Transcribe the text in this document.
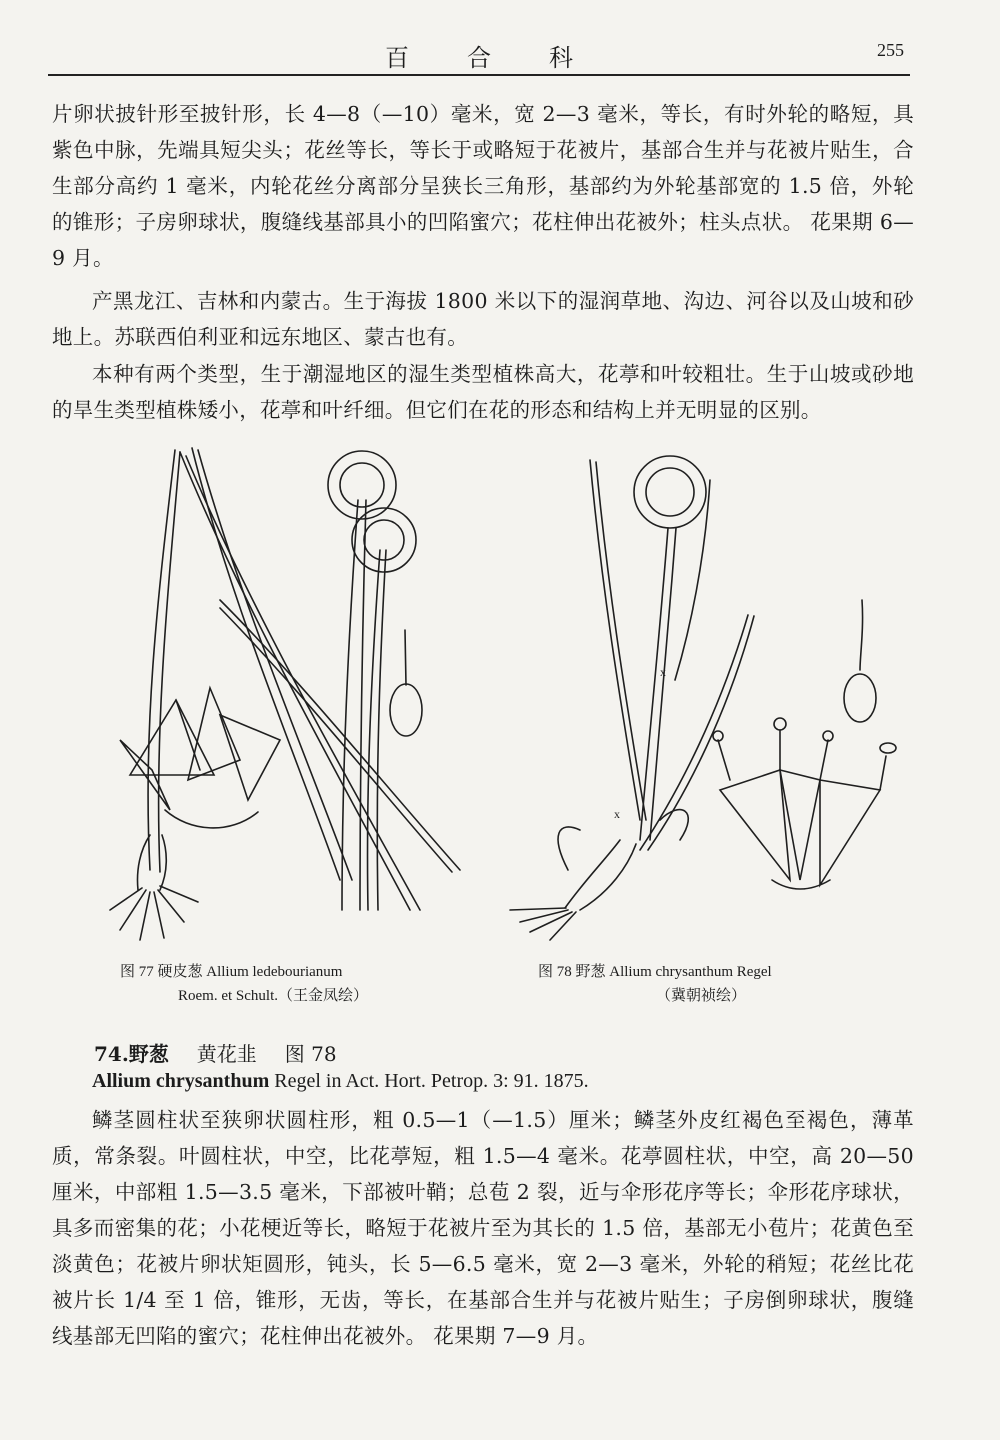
百合科	255

片卵状披针形至披针形，长 4—8（—10）毫米，宽 2—3 毫米，等长，有时外轮的略短，具紫色中脉，先端具短尖头；花丝等长，等长于或略短于花被片，基部合生并与花被片贴生，合生部分高约 1 毫米，内轮花丝分离部分呈狭长三角形，基部约为外轮基部宽的 1.5 倍，外轮的锥形；子房卵球状，腹缝线基部具小的凹陷蜜穴；花柱伸出花被外；柱头点状。 花果期 6—9 月。

产黑龙江、吉林和内蒙古。生于海拔 1800 米以下的湿润草地、沟边、河谷以及山坡和砂地上。苏联西伯利亚和远东地区、蒙古也有。

本种有两个类型，生于潮湿地区的湿生类型植株高大，花葶和叶较粗壮。生于山坡或砂地的旱生类型植株矮小，花葶和叶纤细。但它们在花的形态和结构上并无明显的区别。

x
x
图 77 硬皮葱 Allium ledebourianum
Roem. et Schult.（王金凤绘）
图 78 野葱 Allium chrysanthum Regel
（冀朝祯绘）
74.野葱 黄花韭 图 78
Allium chrysanthum Regel in Act. Hort. Petrop. 3: 91. 1875.

鳞茎圆柱状至狭卵状圆柱形，粗 0.5—1（—1.5）厘米；鳞茎外皮红褐色至褐色，薄革质，常条裂。叶圆柱状，中空，比花葶短，粗 1.5—4 毫米。花葶圆柱状，中空，高 20—50 厘米，中部粗 1.5—3.5 毫米，下部被叶鞘；总苞 2 裂，近与伞形花序等长；伞形花序球状，具多而密集的花；小花梗近等长，略短于花被片至为其长的 1.5 倍，基部无小苞片；花黄色至淡黄色；花被片卵状矩圆形，钝头，长 5—6.5 毫米，宽 2—3 毫米，外轮的稍短；花丝比花被片长 1/4 至 1 倍，锥形，无齿，等长，在基部合生并与花被片贴生；子房倒卵球状，腹缝线基部无凹陷的蜜穴；花柱伸出花被外。 花果期 7—9 月。
